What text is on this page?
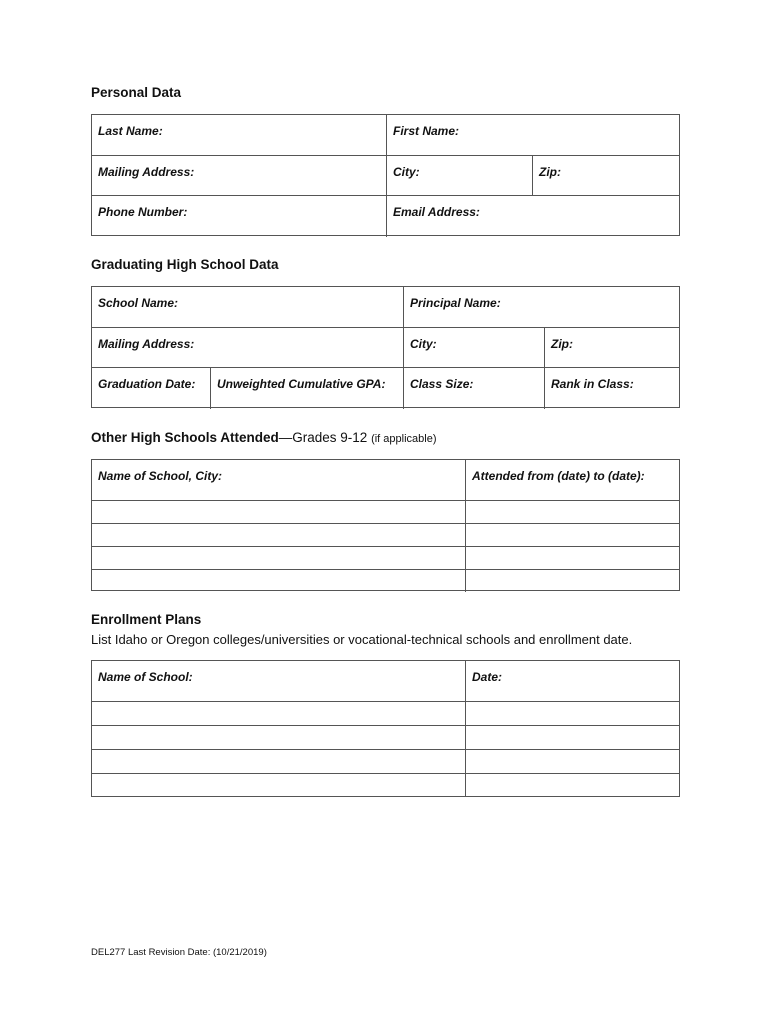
Personal Data
Last Name:	First Name:
Mailing Address:	City:	Zip:
Phone Number:	Email Address:
Graduating High School Data
School Name:	Principal Name:
Mailing Address:	City:	Zip:
Graduation Date:	Unweighted Cumulative GPA:	Class Size:	Rank in Class:
Other High Schools Attended—Grades 9-12 (if applicable)
Name of School, City:	Attended from (date) to (date):
Enrollment Plans
List Idaho or Oregon colleges/universities or vocational-technical schools and enrollment date.
Name of School:	Date:
DEL277 Last Revision Date: (10/21/2019)
